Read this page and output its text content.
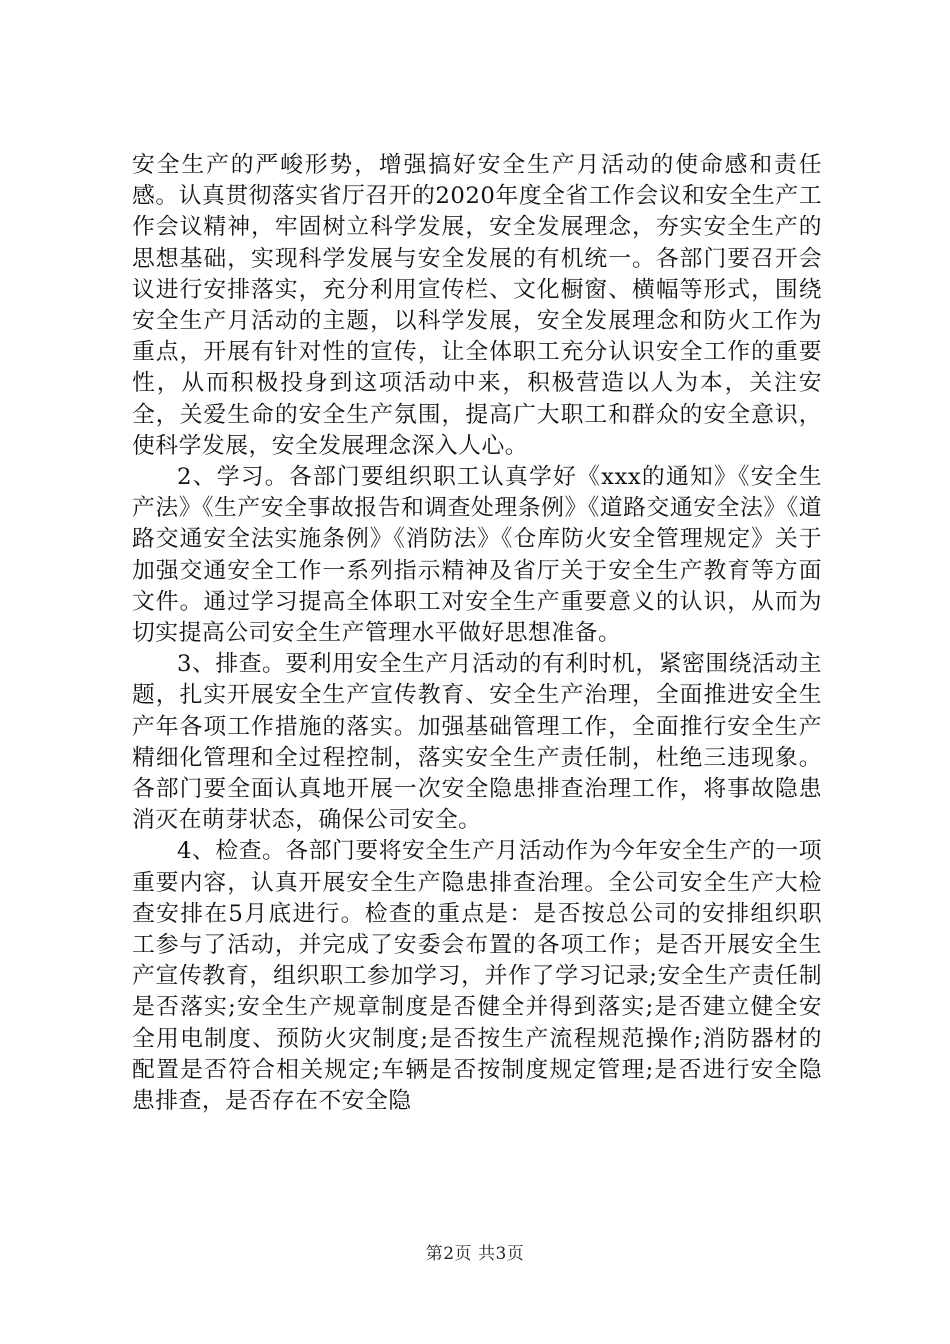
安全生产的严峻形势，增强搞好安全生产月活动的使命感和责任感。认真贯彻落实省厅召开的2020年度全省工作会议和安全生产工作会议精神，牢固树立科学发展，安全发展理念，夯实安全生产的思想基础，实现科学发展与安全发展的有机统一。各部门要召开会议进行安排落实，充分利用宣传栏、文化橱窗、横幅等形式，围绕安全生产月活动的主题，以科学发展，安全发展理念和防火工作为重点，开展有针对性的宣传，让全体职工充分认识安全工作的重要性，从而积极投身到这项活动中来，积极营造以人为本，关注安全，关爱生命的安全生产氛围，提高广大职工和群众的安全意识，使科学发展，安全发展理念深入人心。

2、学习。各部门要组织职工认真学好《xxx的通知》《安全生产法》《生产安全事故报告和调查处理条例》《道路交通安全法》《道路交通安全法实施条例》《消防法》《仓库防火安全管理规定》关于加强交通安全工作一系列指示精神及省厅关于安全生产教育等方面文件。通过学习提高全体职工对安全生产重要意义的认识，从而为切实提高公司安全生产管理水平做好思想准备。

3、排查。要利用安全生产月活动的有利时机，紧密围绕活动主题，扎实开展安全生产宣传教育、安全生产治理，全面推进安全生产年各项工作措施的落实。加强基础管理工作，全面推行安全生产精细化管理和全过程控制，落实安全生产责任制，杜绝三违现象。各部门要全面认真地开展一次安全隐患排查治理工作，将事故隐患消灭在萌芽状态，确保公司安全。

4、检查。各部门要将安全生产月活动作为今年安全生产的一项重要内容，认真开展安全生产隐患排查治理。全公司安全生产大检查安排在5月底进行。检查的重点是：是否按总公司的安排组织职工参与了活动，并完成了安委会布置的各项工作；是否开展安全生产宣传教育，组织职工参加学习，并作了学习记录;安全生产责任制是否落实;安全生产规章制度是否健全并得到落实;是否建立健全安全用电制度、预防火灾制度;是否按生产流程规范操作;消防器材的配置是否符合相关规定;车辆是否按制度规定管理;是否进行安全隐患排查，是否存在不安全隐

第2页 共3页
